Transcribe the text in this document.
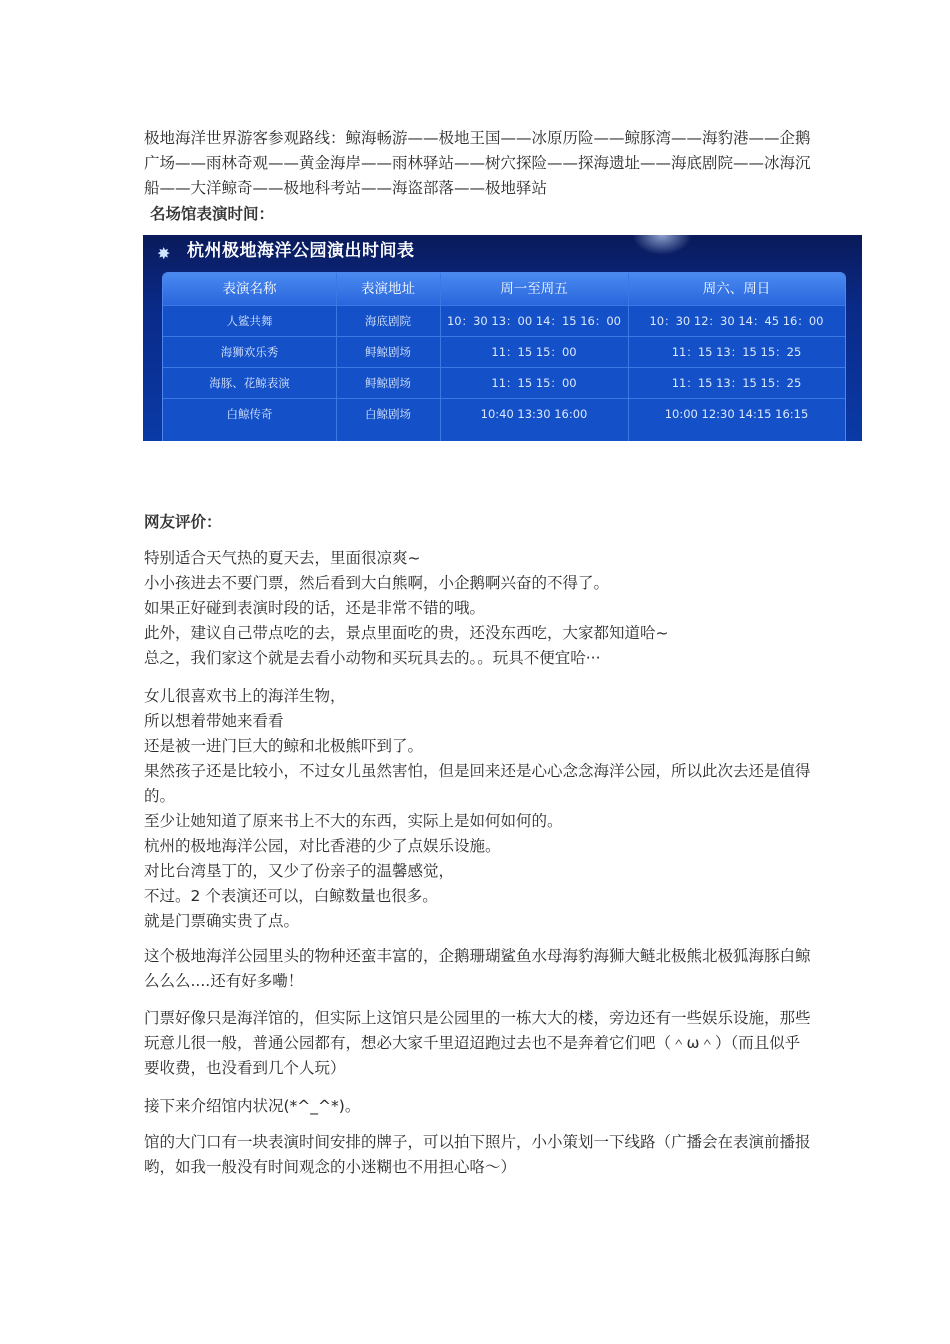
极地海洋世界游客参观路线：鲸海畅游——极地王国——冰原历险——鲸豚湾——海豹港——企鹅广场——雨林奇观——黄金海岸——雨林驿站——树穴探险——探海遗址——海底剧院——冰海沉船——大洋鲸奇——极地科考站——海盗部落——极地驿站

名场馆表演时间：

网友评价：

特别适合天气热的夏天去，里面很凉爽~

小小孩进去不要门票，然后看到大白熊啊，小企鹅啊兴奋的不得了。

如果正好碰到表演时段的话，还是非常不错的哦。

此外，建议自己带点吃的去，景点里面吃的贵，还没东西吃，大家都知道哈~

总之，我们家这个就是去看小动物和买玩具去的。。玩具不便宜哈···

女儿很喜欢书上的海洋生物，

所以想着带她来看看

还是被一进门巨大的鲸和北极熊吓到了。

果然孩子还是比较小，不过女儿虽然害怕，但是回来还是心心念念海洋公园，所以此次去还是值得的。

至少让她知道了原来书上不大的东西，实际上是如何如何的。

杭州的极地海洋公园，对比香港的少了点娱乐设施。

对比台湾垦丁的，又少了份亲子的温馨感觉，

不过。2 个表演还可以，白鲸数量也很多。

就是门票确实贵了点。

这个极地海洋公园里头的物种还蛮丰富的，企鹅珊瑚鲨鱼水母海豹海狮大鲢北极熊北极狐海豚白鲸么么么....还有好多嘞！

门票好像只是海洋馆的，但实际上这馆只是公园里的一栋大大的楼，旁边还有一些娱乐设施，那些玩意儿很一般，普通公园都有，想必大家千里迢迢跑过去也不是奔着它们吧（＾ω＾）（而且似乎要收费，也没看到几个人玩）

接下来介绍馆内状况(*^_^*)。

馆的大门口有一块表演时间安排的牌子，可以拍下照片，小小策划一下线路（广播会在表演前播报哟，如我一般没有时间观念的小迷糊也不用担心咯～）

✸ 杭州极地海洋公园演出时间表
表演名称	表演地址	周一至周五	周六、周日
人鲨共舞	海底剧院	10：30 13：00 14：15 16：00	10：30 12：30 14：45 16：00
海狮欢乐秀	鲟鲸剧场	11：15 15：00	11：15 13：15 15：25
海豚、花鲸表演	鲟鲸剧场	11：15 15：00	11：15 13：15 15：25
白鲸传奇	白鲸剧场	10:40 13:30 16:00	10:00 12:30 14:15 16:15
